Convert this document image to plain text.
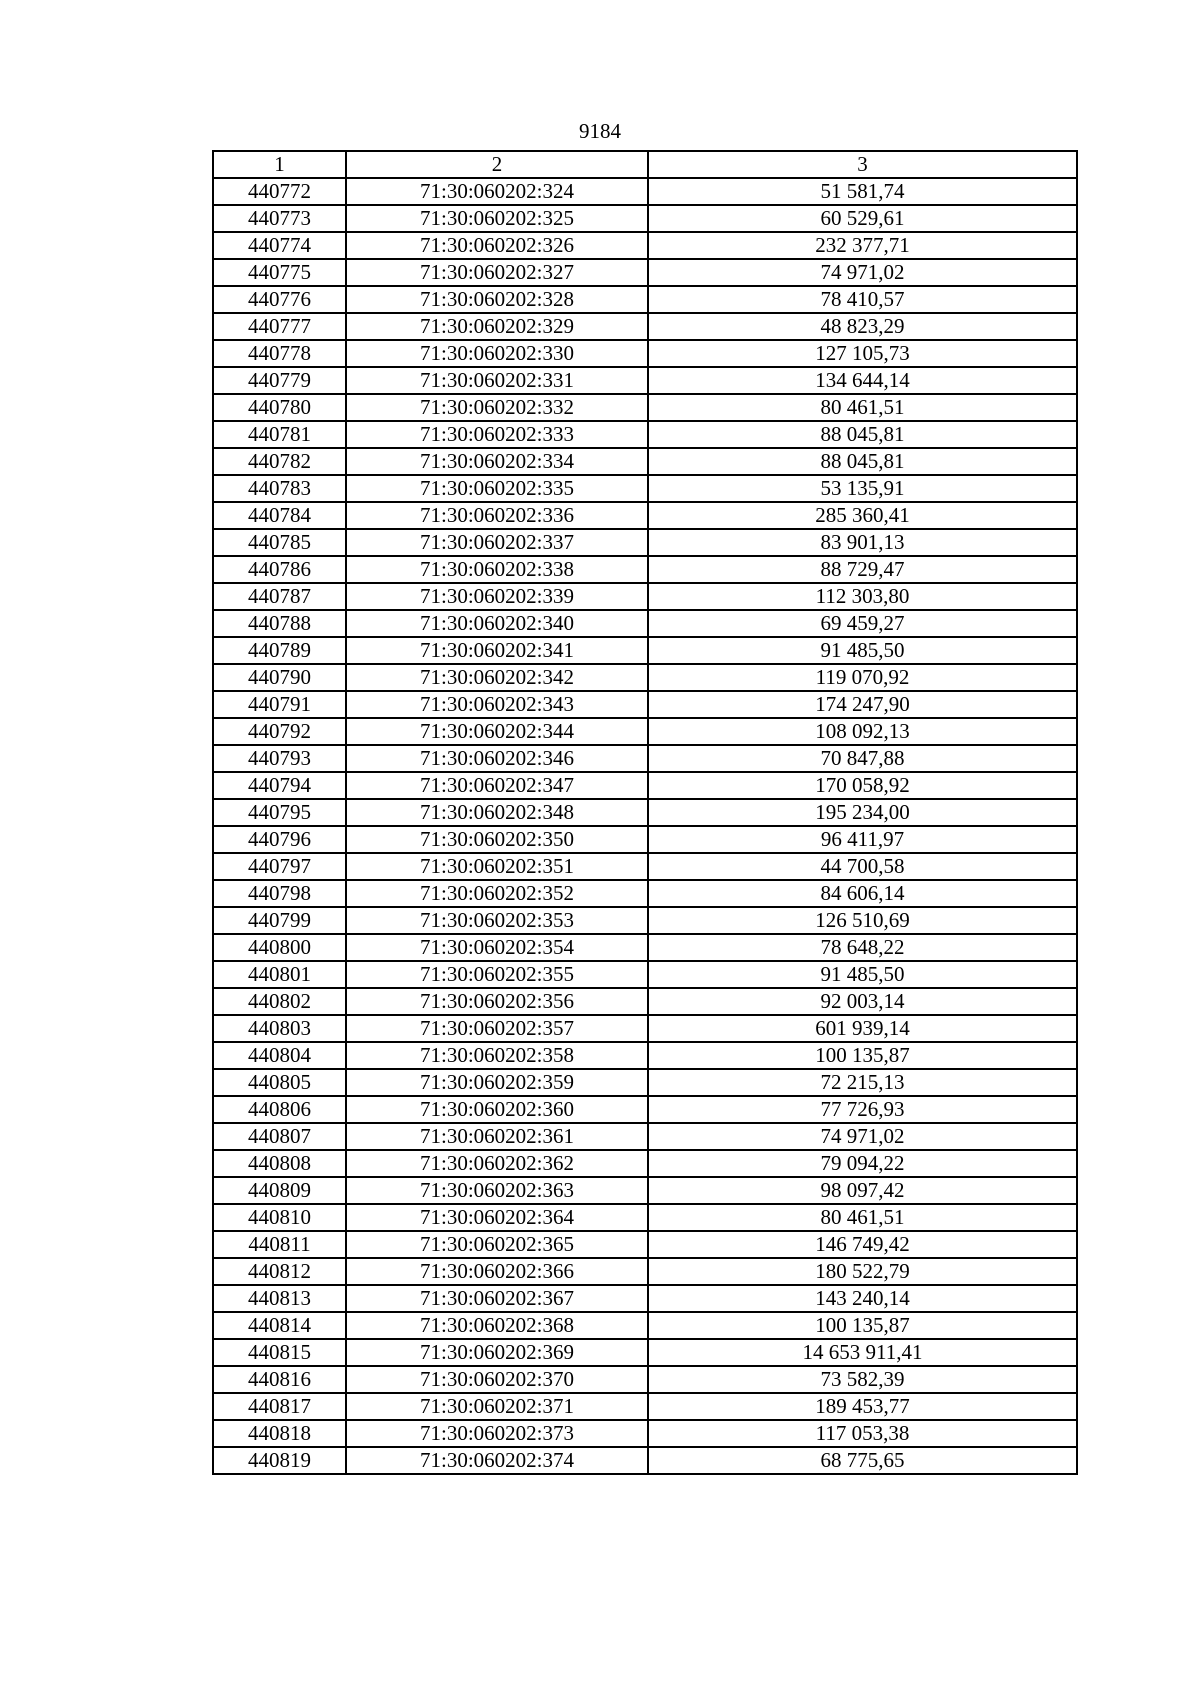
9184
1	2	3
440772	71:30:060202:324	51 581,74
440773	71:30:060202:325	60 529,61
440774	71:30:060202:326	232 377,71
440775	71:30:060202:327	74 971,02
440776	71:30:060202:328	78 410,57
440777	71:30:060202:329	48 823,29
440778	71:30:060202:330	127 105,73
440779	71:30:060202:331	134 644,14
440780	71:30:060202:332	80 461,51
440781	71:30:060202:333	88 045,81
440782	71:30:060202:334	88 045,81
440783	71:30:060202:335	53 135,91
440784	71:30:060202:336	285 360,41
440785	71:30:060202:337	83 901,13
440786	71:30:060202:338	88 729,47
440787	71:30:060202:339	112 303,80
440788	71:30:060202:340	69 459,27
440789	71:30:060202:341	91 485,50
440790	71:30:060202:342	119 070,92
440791	71:30:060202:343	174 247,90
440792	71:30:060202:344	108 092,13
440793	71:30:060202:346	70 847,88
440794	71:30:060202:347	170 058,92
440795	71:30:060202:348	195 234,00
440796	71:30:060202:350	96 411,97
440797	71:30:060202:351	44 700,58
440798	71:30:060202:352	84 606,14
440799	71:30:060202:353	126 510,69
440800	71:30:060202:354	78 648,22
440801	71:30:060202:355	91 485,50
440802	71:30:060202:356	92 003,14
440803	71:30:060202:357	601 939,14
440804	71:30:060202:358	100 135,87
440805	71:30:060202:359	72 215,13
440806	71:30:060202:360	77 726,93
440807	71:30:060202:361	74 971,02
440808	71:30:060202:362	79 094,22
440809	71:30:060202:363	98 097,42
440810	71:30:060202:364	80 461,51
440811	71:30:060202:365	146 749,42
440812	71:30:060202:366	180 522,79
440813	71:30:060202:367	143 240,14
440814	71:30:060202:368	100 135,87
440815	71:30:060202:369	14 653 911,41
440816	71:30:060202:370	73 582,39
440817	71:30:060202:371	189 453,77
440818	71:30:060202:373	117 053,38
440819	71:30:060202:374	68 775,65
